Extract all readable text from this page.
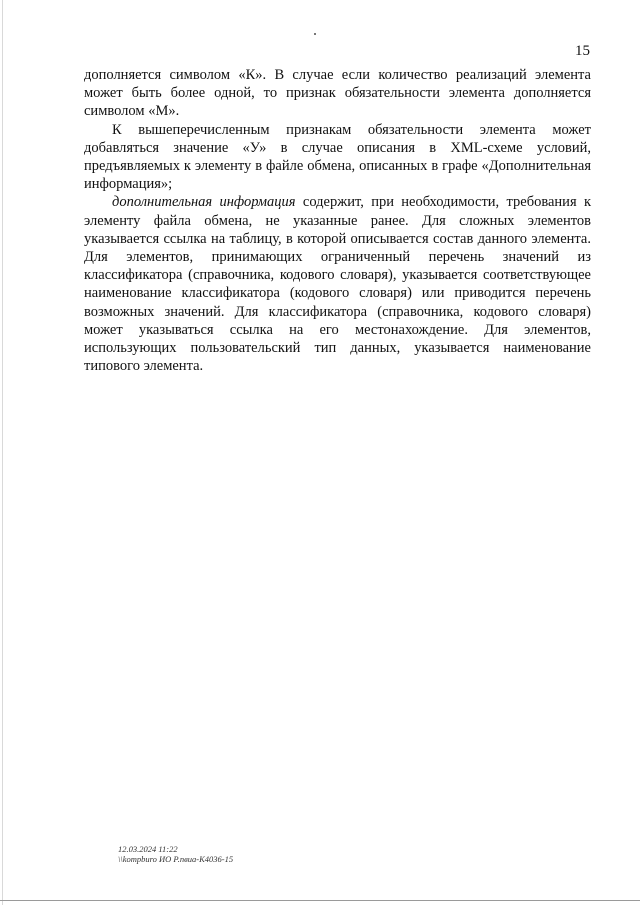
15

дополняется символом «К». В случае если количество реализаций элемента может быть более одной, то признак обязательности элемента дополняется символом «М».

К вышеперечисленным признакам обязательности элемента может добавляться значение «У» в случае описания в XML-схеме условий, предъявляемых к элементу в файле обмена, описанных в графе «Дополнительная информация»;

дополнительная информация содержит, при необходимости, требования к элементу файла обмена, не указанные ранее. Для сложных элементов указывается ссылка на таблицу, в которой описывается состав данного элемента. Для элементов, принимающих ограниченный перечень значений из классификатора (справочника, кодового словаря), указывается соответствующее наименование классификатора (кодового словаря) или приводится перечень возможных значений. Для классификатора (справочника, кодового словаря) может указываться ссылка на его местонахождение. Для элементов, использующих пользовательский тип данных, указывается наименование типового элемента.

12.03.2024 11:22
\\kompburo ИО Р.пвиа-К4036-15
